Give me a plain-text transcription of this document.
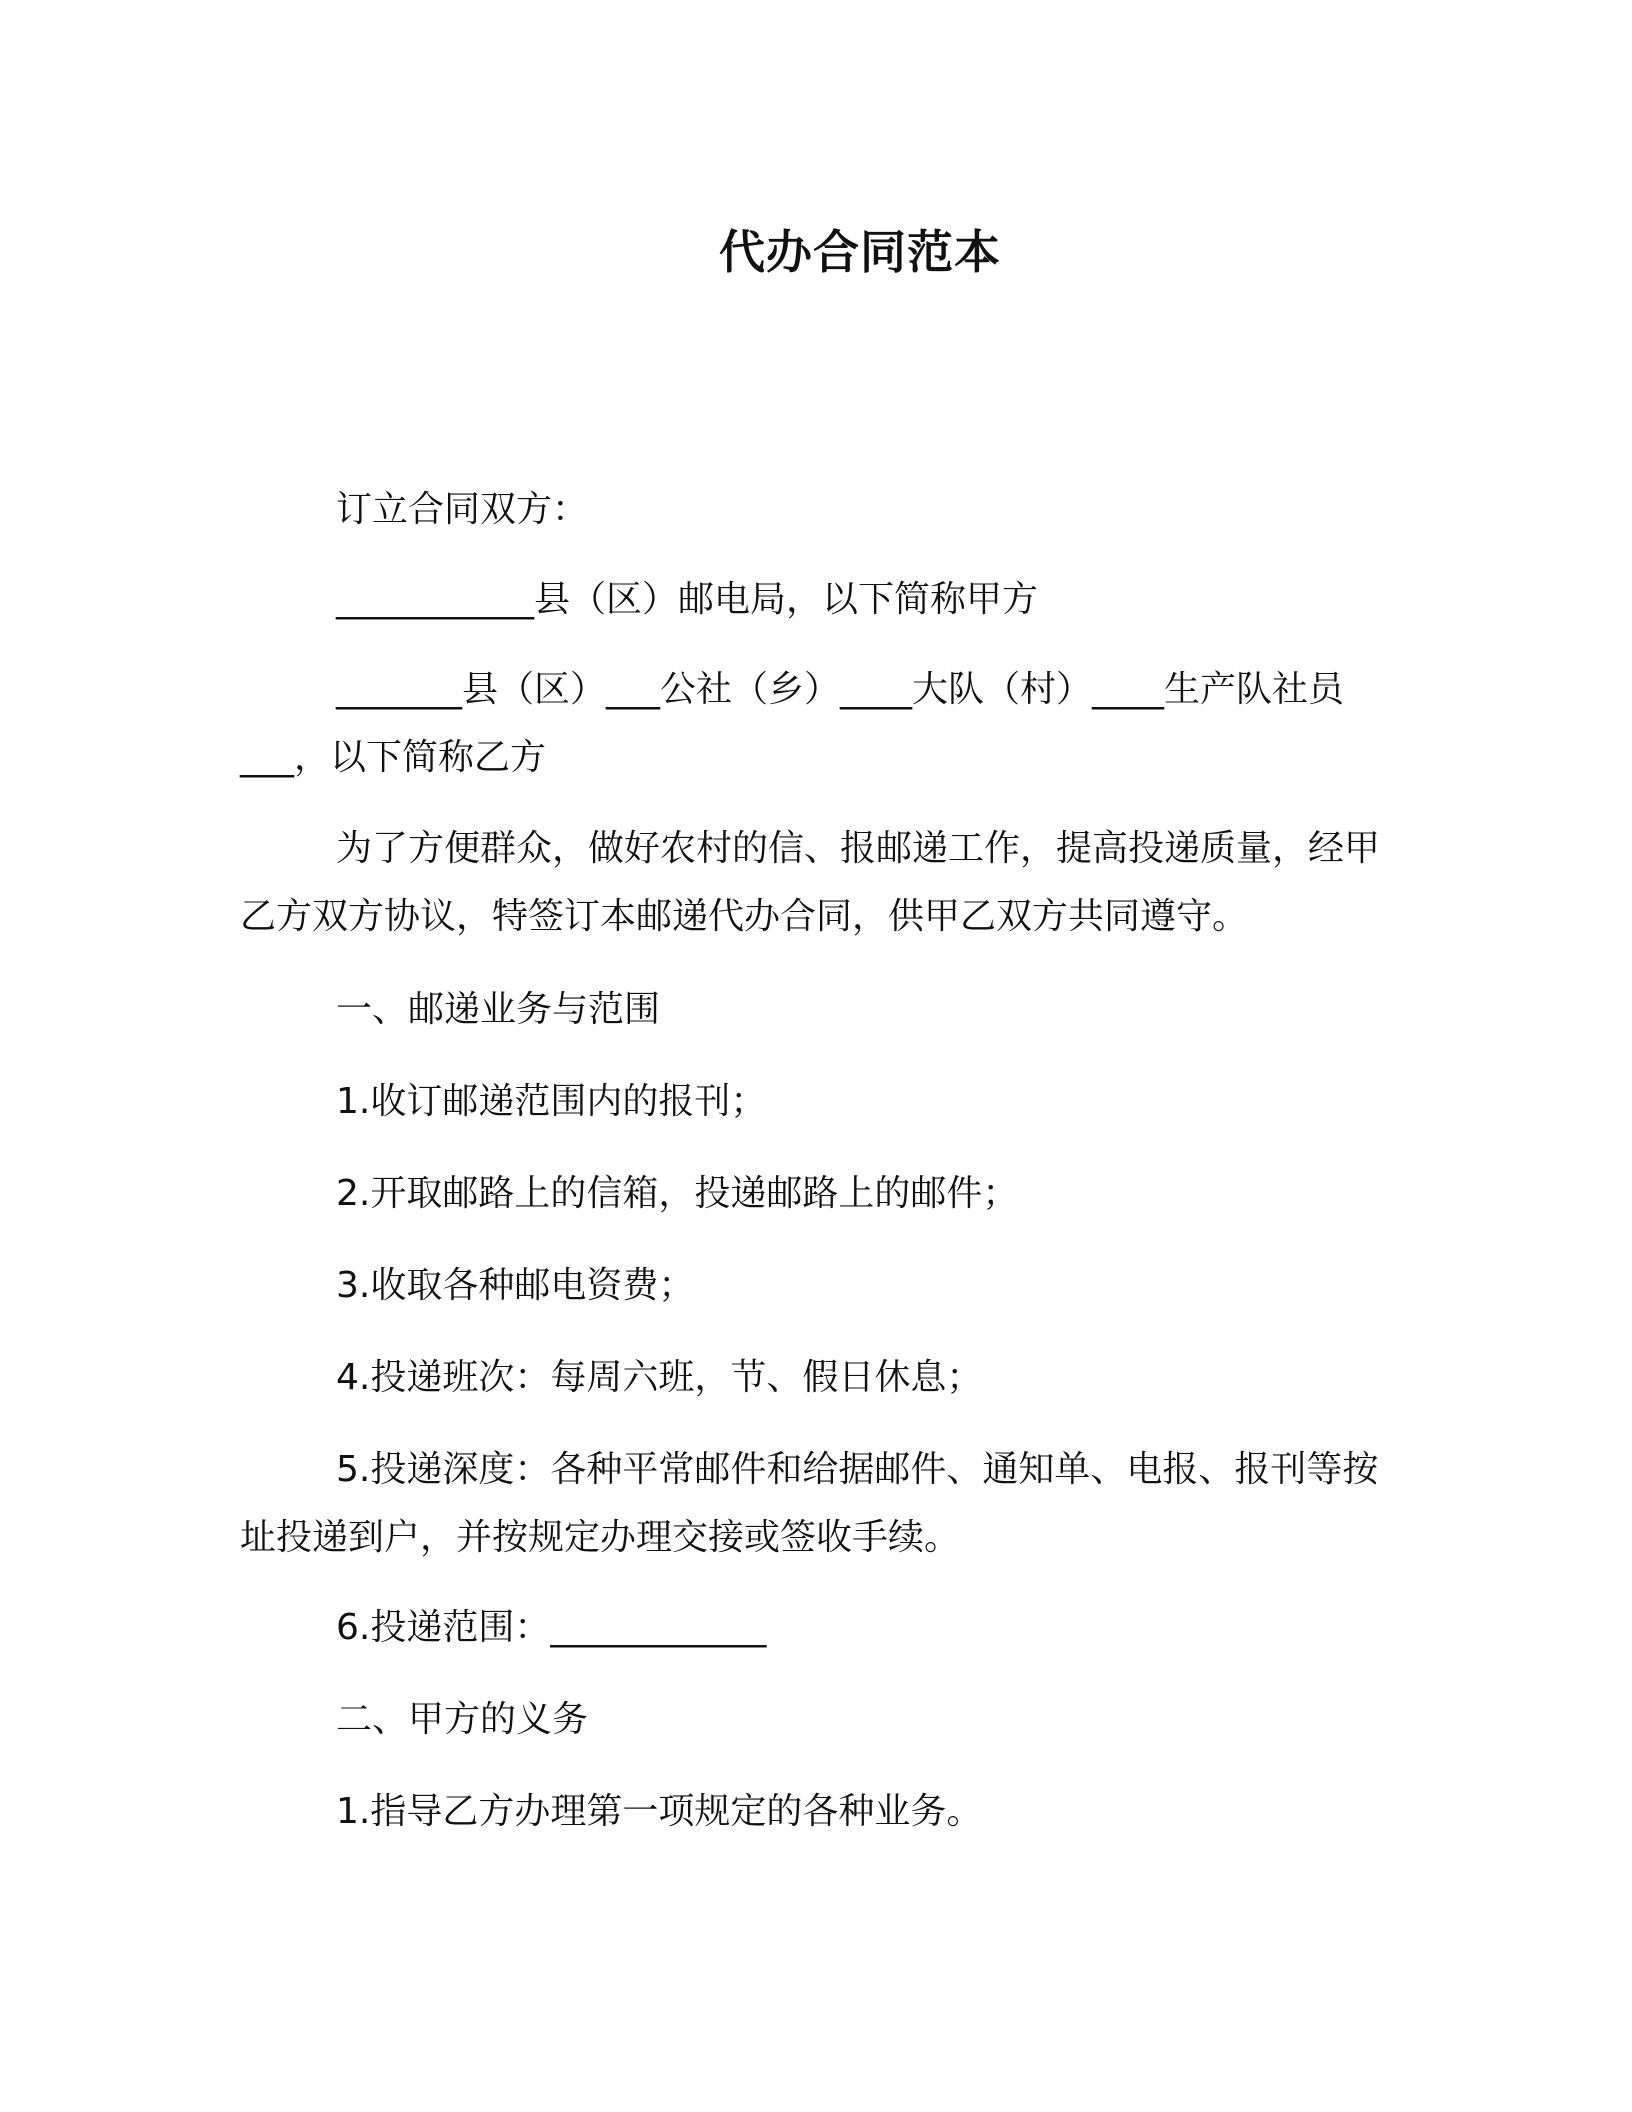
代办合同范本

订立合同双方：

___________县（区）邮电局，以下简称甲方

_______县（区）___公社（乡）____大队（村）____生产队社员___，以下简称乙方

为了方便群众，做好农村的信、报邮递工作，提高投递质量，经甲乙方双方协议，特签订本邮递代办合同，供甲乙双方共同遵守。

一、邮递业务与范围

1.收订邮递范围内的报刊；

2.开取邮路上的信箱，投递邮路上的邮件；

3.收取各种邮电资费；

4.投递班次：每周六班，节、假日休息；

5.投递深度：各种平常邮件和给据邮件、通知单、电报、报刊等按址投递到户，并按规定办理交接或签收手续。

6.投递范围：____________

二、甲方的义务

1.指导乙方办理第一项规定的各种业务。
